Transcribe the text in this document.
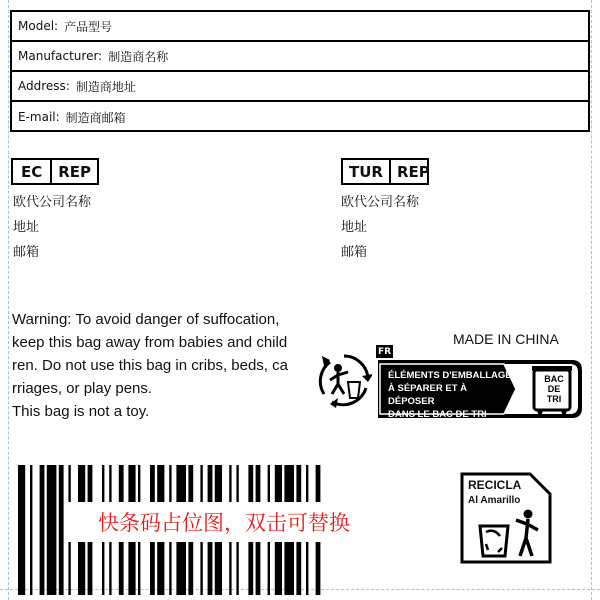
Model: 产品型号
Manufacturer: 制造商名称
Address: 制造商地址
E-mail: 制造商邮箱
EC	REP
欧代公司名称
地址
邮箱
TUR REP
欧代公司名称
地址
邮箱
Warning: To avoid danger of suffocation,
keep this bag away from babies and child
ren. Do not use this bag in cribs, beds, ca
rriages, or play pens.
This bag is not a toy.
MADE IN CHINA
FR
ÉLÉMENTS D'EMBALLAGE
À SÉPARER ET À DÉPOSER
DANS LE BAC DE TRI
BAC
DE
TRI
快条码占位图，双击可替换
RECICLA
Al Amarillo
